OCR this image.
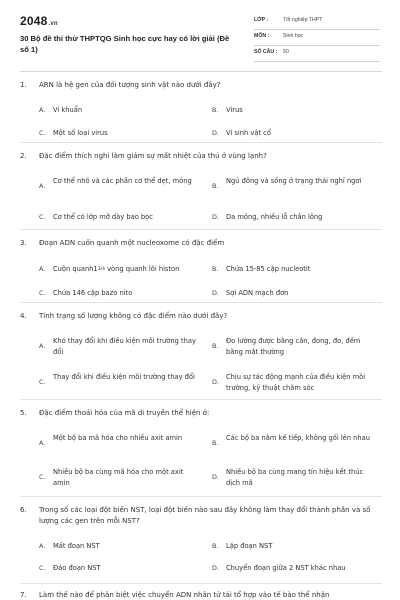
2048.vn
30 Bộ đề thi thử THPTQG Sinh học cực hay có lời giải (Đề số 1)
LỚP :	Tốt nghiệp THPT
MÔN :	Sinh học
SỐ CÂU : 50
1. ARN là hệ gen của đối tượng sinh vật nào dưới đây?
A.	Vi khuẩn	B.	Virus
C.	Một số loại virus	D.	Vi sinh vật cổ
2. Đặc điểm thích nghi làm giảm sự mất nhiệt của thú ở vùng lạnh?
A.
Cơ thể nhỏ và các phần cơ thể dẹt, mỏng
B.
Ngủ đông và sống ở trạng thái nghỉ ngơi
C.	Cơ thể có lớp mỡ dày bao bọc	D.	Da mỏng, nhiều lỗ chân lông
3. Đoạn ADN cuốn quanh một nucleoxome có đặc điểm
A.	Cuộn quanh13/4 vòng quanh lõi histon	B.	Chứa 15-85 cặp nucleotit
C.	Chứa 146 cặp bazo nito	D.	Sợi ADN mạch đơn
4. Tính trạng số lượng không có đặc điểm nào dưới đây?
A.
Khó thay đổi khi điều kiện môi trường thay đổi
B.
Đo lường được bằng cân, đong, đo, đếm bằng mắt thường
C.
Thay đổi khi điều kiện môi trường thay đổi
D.
Chịu sự tác động mạnh của điều kiện môi trường, kỹ thuật chăm sóc
5. Đặc điểm thoái hóa của mã di truyền thể hiện ở:
A.
Một bộ ba mã hóa cho nhiều axit amin
B.
Các bộ ba nằm kế tiếp, không gối lên nhau
C.
Nhiều bộ ba cùng mã hóa cho một axit amin
D.
Nhiều bộ ba cùng mang tín hiệu kết thúc dịch mã
6. Trong số các loại đột biến NST, loại đột biến nào sau đây không làm thay đổi thành phần và số lượng các gen trên mỗi NST?
A.	Mất đoạn NST	B.	Lặp đoạn NST
C.	Đảo đoạn NST	D.	Chuyển đoạn giữa 2 NST khác nhau
7. Làm thế nào để phân biệt việc chuyển ADN nhân tử tái tổ hợp vào tế bào thể nhận
